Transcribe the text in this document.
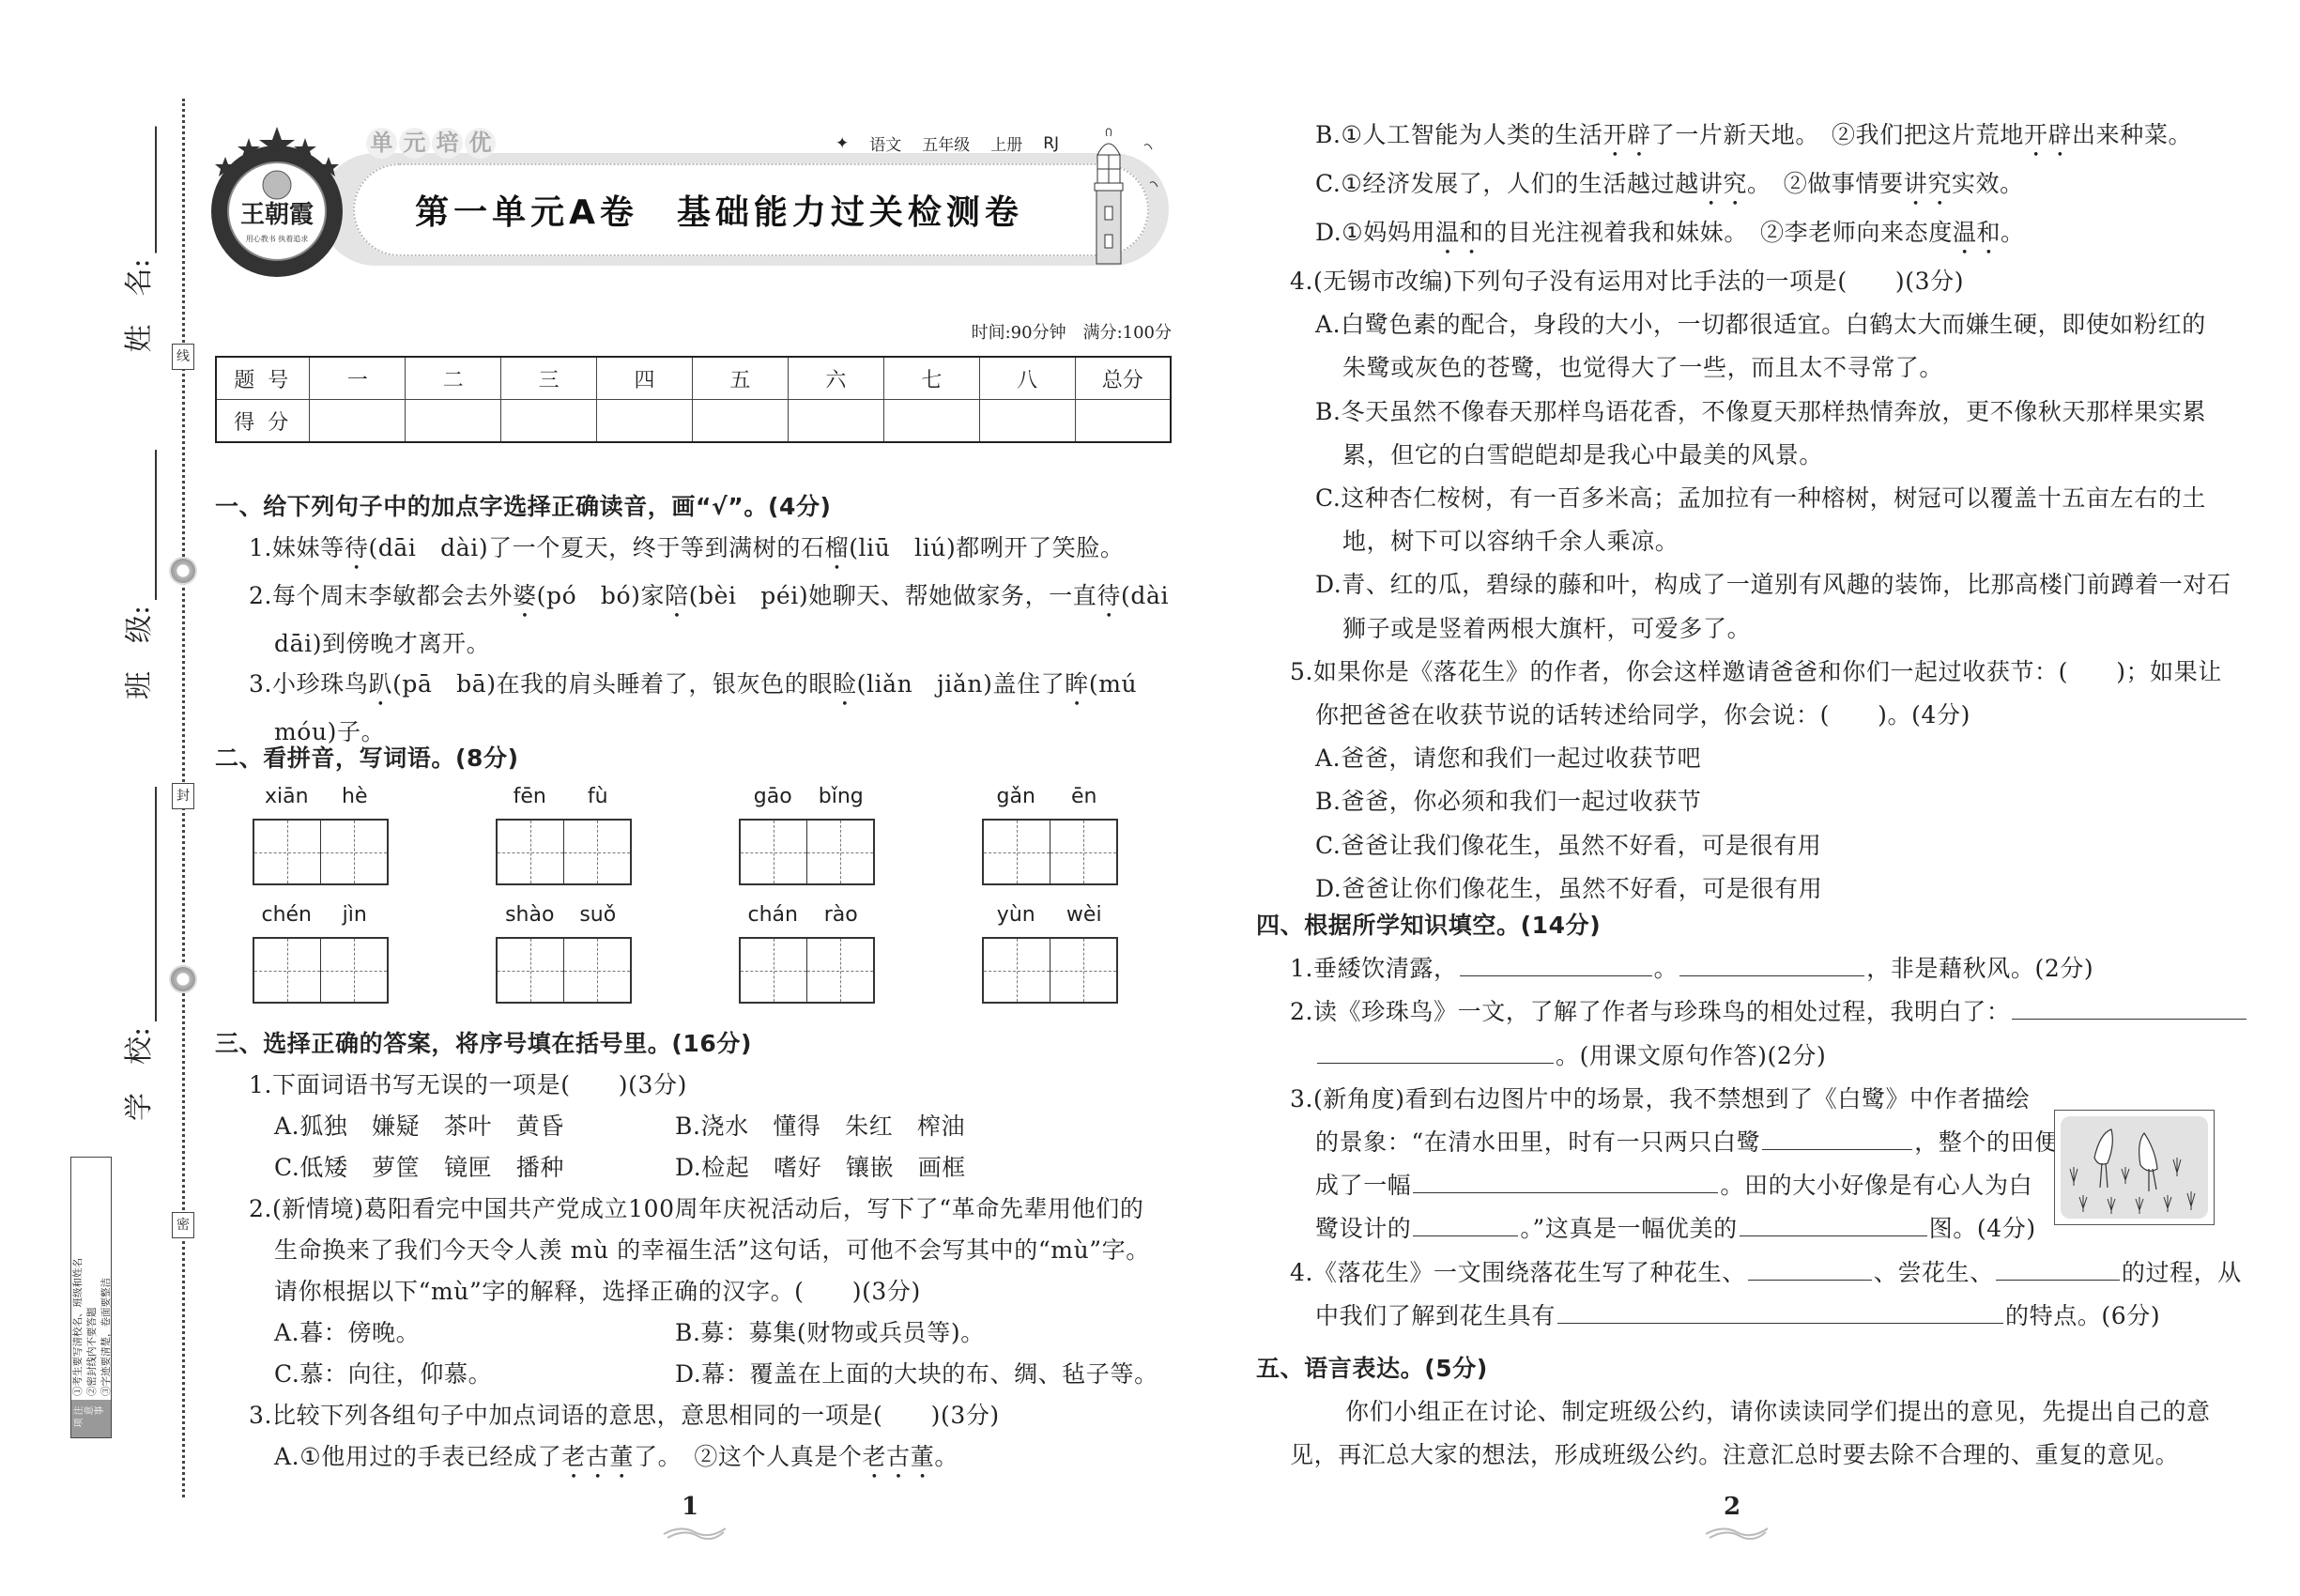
线
封
密
姓　名:
班　级:
学　校:
注意事项
①考生要写清校名、班级和姓名 ②密封线内不要答题 ③字迹要清楚，卷面要整洁
第一单元A卷　基础能力过关检测卷
单 元 培 优	✦ 语文 五年级 上册 RJ
王朝霞
用心教书 执着追求
时间:90分钟　 满分:100分
题号	一	二	三	四	五	六	七	八	总分
得分									
一、给下列句子中的加点字选择正确读音，画“√”。(4分)
1.妹妹等待(dāi　dài)了一个夏天，终于等到满树的石榴(liū　liú)都咧开了笑脸。
2.每个周末李敏都会去外婆(pó　bó)家陪(bèi　péi)她聊天、帮她做家务，一直待(dài
dāi)到傍晚才离开。
3.小珍珠鸟趴(pā　bā)在我的肩头睡着了，银灰色的眼睑(liǎn　jiǎn)盖住了眸(mú
móu)子。
二、看拼音，写词语。(8分)
xiān	hè	fēn	fù	gāo	bǐng	gǎn	ēn
chén	jìn	shào	suǒ	chán	rào	yùn	wèi
三、选择正确的答案，将序号填在括号里。(16分)
1.下面词语书写无误的一项是(　　)(3分)
A.狐独　嫌疑　茶叶　黄昏	B.浇水　懂得　朱红　榨油
C.低矮　萝筐　镜匣　播种	D.检起　嗜好　镶嵌　画框
2.(新情境)葛阳看完中国共产党成立100周年庆祝活动后，写下了“革命先辈用他们的
生命换来了我们今天令人羡 mù 的幸福生活”这句话，可他不会写其中的“mù”字。
请你根据以下“mù”字的解释，选择正确的汉字。(　　)(3分)
A.暮：傍晚。	B.募：募集(财物或兵员等)。
C.慕：向往，仰慕。	D.幕：覆盖在上面的大块的布、绸、毡子等。
3.比较下列各组句子中加点词语的意思，意思相同的一项是(　　)(3分)
A.①他用过的手表已经成了老古董了。　②这个人真是个老古董。
1
B.①人工智能为人类的生活开辟了一片新天地。　②我们把这片荒地开辟出来种菜。
C.①经济发展了，人们的生活越过越讲究。　②做事情要讲究实效。
D.①妈妈用温和的目光注视着我和妹妹。　②李老师向来态度温和。
4.(无锡市改编)下列句子没有运用对比手法的一项是(　　)(3分)
A.白鹭色素的配合，身段的大小，一切都很适宜。白鹤太大而嫌生硬，即使如粉红的
朱鹭或灰色的苍鹭，也觉得大了一些，而且太不寻常了。
B.冬天虽然不像春天那样鸟语花香，不像夏天那样热情奔放，更不像秋天那样果实累
累，但它的白雪皑皑却是我心中最美的风景。
C.这种杏仁桉树，有一百多米高；孟加拉有一种榕树，树冠可以覆盖十五亩左右的土
地，树下可以容纳千余人乘凉。
D.青、红的瓜，碧绿的藤和叶，构成了一道别有风趣的装饰，比那高楼门前蹲着一对石
狮子或是竖着两根大旗杆，可爱多了。
5.如果你是《落花生》的作者，你会这样邀请爸爸和你们一起过收获节：(　　)；如果让
你把爸爸在收获节说的话转述给同学，你会说：(　　)。(4分)
A.爸爸，请您和我们一起过收获节吧
B.爸爸，你必须和我们一起过收获节
C.爸爸让我们像花生，虽然不好看，可是很有用
D.爸爸让你们像花生，虽然不好看，可是很有用
四、根据所学知识填空。(14分)
1.垂緌饮清露，	。	，非是藉秋风。(2分)
2.读《珍珠鸟》一文，了解了作者与珍珠鸟的相处过程，我明白了：
。(用课文原句作答)(2分)
3.(新角度)看到右边图片中的场景，我不禁想到了《白鹭》中作者描绘
的景象：“在清水田里，时有一只两只白鹭	，整个的田便
成了一幅	。田的大小好像是有心人为白
鹭设计的	。”这真是一幅优美的	图。(4分)
4.《落花生》一文围绕落花生写了种花生、	、尝花生、	的过程，从
中我们了解到花生具有	的特点。(6分)
五、语言表达。(5分)
你们小组正在讨论、制定班级公约，请你读读同学们提出的意见，先提出自己的意
见，再汇总大家的想法，形成班级公约。注意汇总时要去除不合理的、重复的意见。
2
